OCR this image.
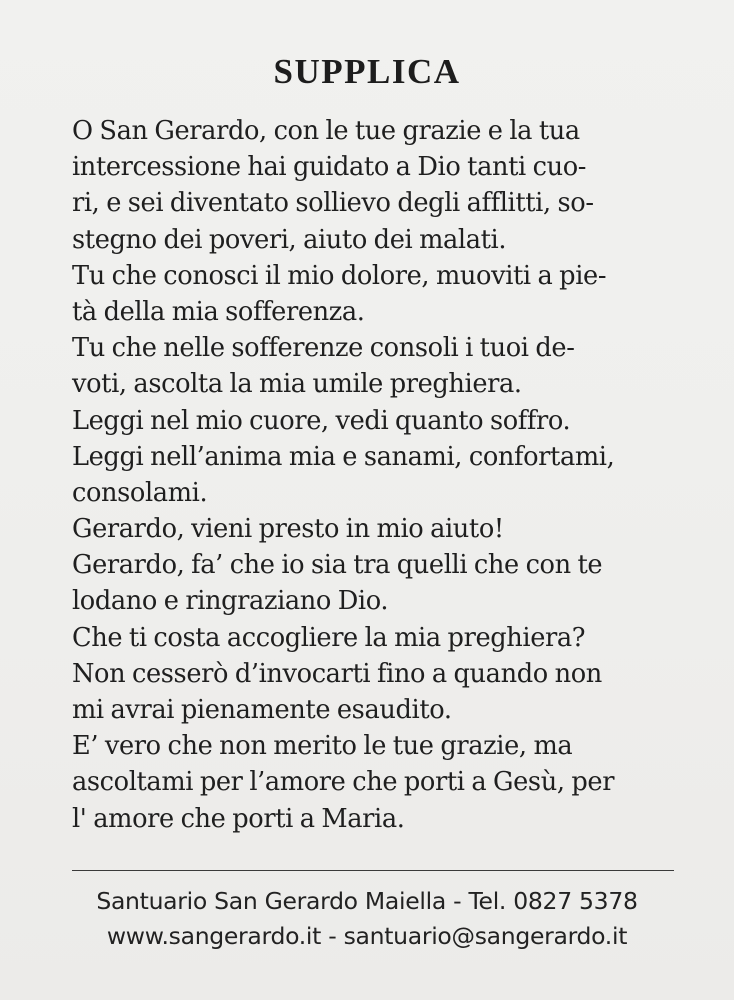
SUPPLICA
O San Gerardo, con le tue grazie e la tua
intercessione hai guidato a Dio tanti cuo-
ri, e sei diventato sollievo degli afflitti, so-
stegno dei poveri, aiuto dei malati.
Tu che conosci il mio dolore, muoviti a pie-
tà della mia sofferenza.
Tu che nelle sofferenze consoli i tuoi de-
voti, ascolta la mia umile preghiera.
Leggi nel mio cuore, vedi quanto soffro.
Leggi nell’anima mia e sanami, confortami,
consolami.
Gerardo, vieni presto in mio aiuto!
Gerardo, fa’ che io sia tra quelli che con te
lodano e ringraziano Dio.
Che ti costa accogliere la mia preghiera?
Non cesserò d’invocarti fino a quando non
mi avrai pienamente esaudito.
E’ vero che non merito le tue grazie, ma
ascoltami per l’amore che porti a Gesù, per
l' amore che porti a Maria.
Santuario San Gerardo Maiella - Tel. 0827 5378
www.sangerardo.it - santuario@sangerardo.it
